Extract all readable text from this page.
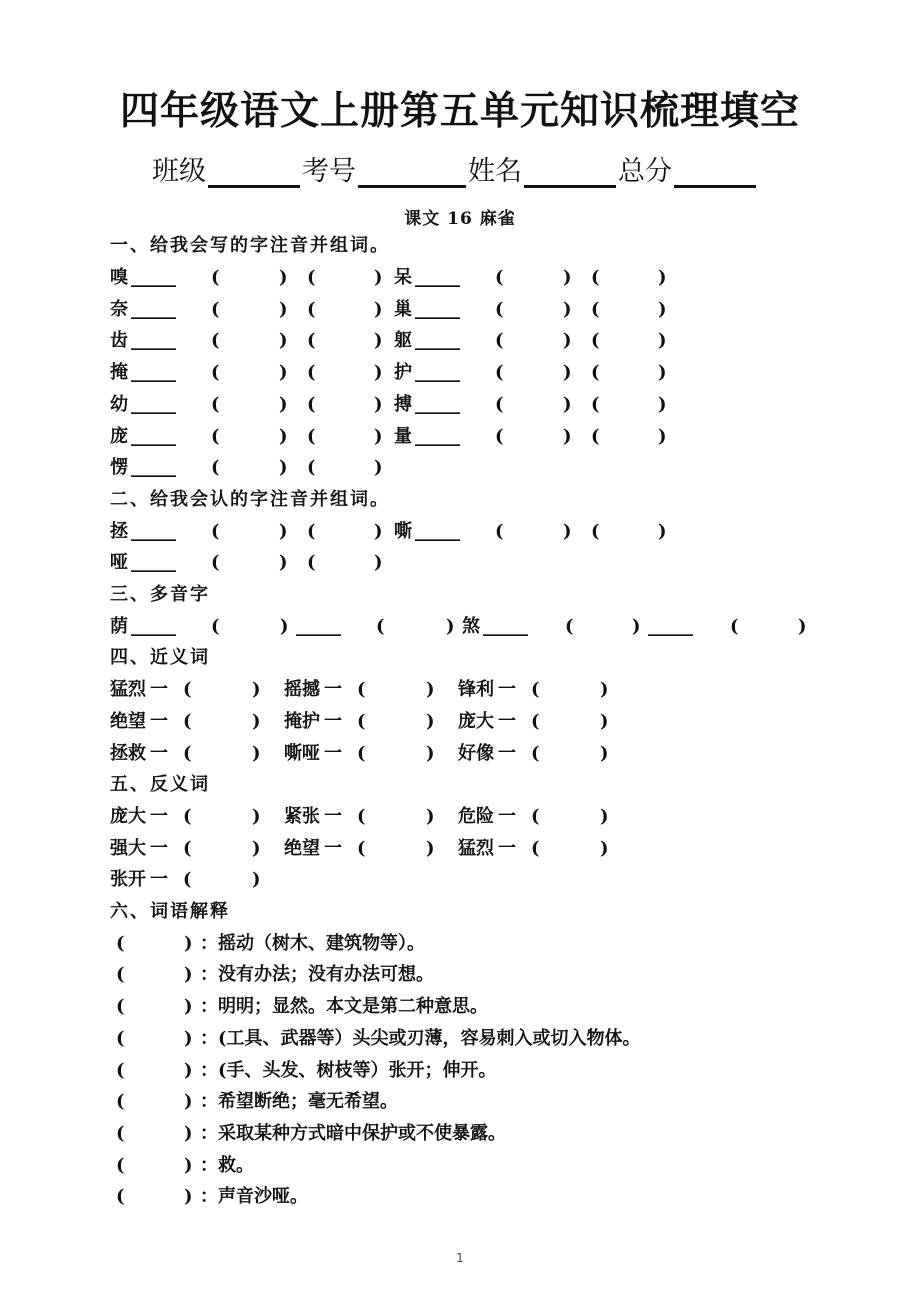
四年级语文上册第五单元知识梳理填空
班级	考号	姓名	总分
课文 16 麻雀
一、给我会写的字注音并组词。
嗅 _____ (	) (	) 呆 _____ (	) (	)
奈 _____ (	) (	) 巢 _____ (	) (	)
齿 _____ (	) (	) 躯 _____ (	) (	)
掩 _____ (	) (	) 护 _____ (	) (	)
幼 _____ (	) (	) 搏 _____ (	) (	)
庞 _____ (	) (	) 量 _____ (	) (	)
愣 _____ (	) (	)
二、给我会认的字注音并组词。
拯 _____ (	) (	) 嘶 _____ (	) (	)
哑 _____ (	) (	)
三、多音字
荫 _____ (	) _____ (	) 煞 _____ (	) _____ (	)
四、近义词
猛烈 一 (	) 摇撼 一 (	) 锋利 一 (	)
绝望 一 (	) 掩护 一 (	) 庞大 一 (	)
拯救 一 (	) 嘶哑 一 (	) 好像 一 (	)
五、反义词
庞大 一 (	) 紧张 一 (	) 危险 一 (	)
强大 一 (	) 绝望 一 (	) 猛烈 一 (	)
张开 一 (	)
六、词语解释
(	) ：摇动（树木、建筑物等）。
(	) ：没有办法；没有办法可想。
(	) ：明明；显然。本文是第二种意思。
(	) ：(工具、武器等）头尖或刃薄，容易刺入或切入物体。
(	) ：(手、头发、树枝等）张开；伸开。
(	) ：希望断绝；毫无希望。
(	) ：采取某种方式暗中保护或不使暴露。
(	) ：救。
(	) ：声音沙哑。
1
